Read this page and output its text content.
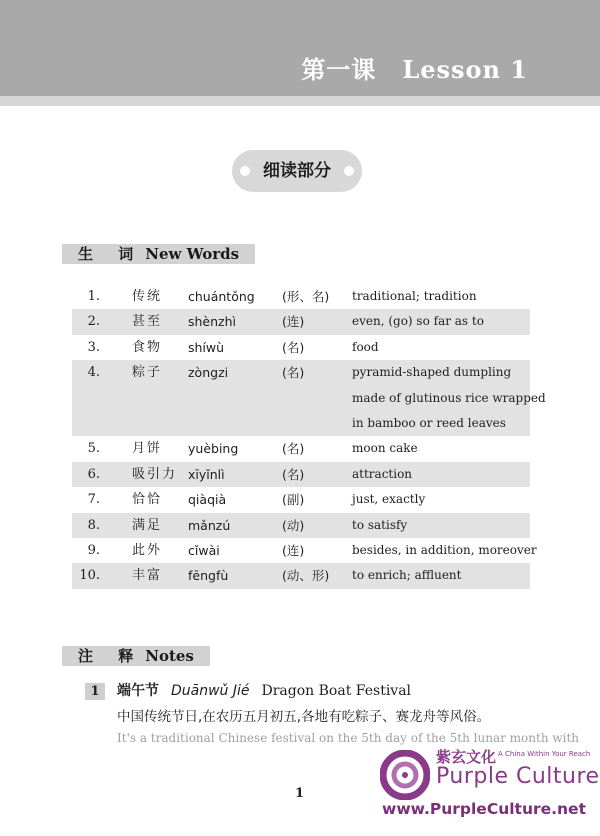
第一课 Lesson 1
细读部分
生 词 New Words
1. 传统 chuántǒng (形、名) traditional; tradition
2. 甚至 shènzhì	(连)	even, (go) so far as to
3. 食物 shíwù	(名)	food
4. 粽子 zòngzi	(名)	pyramid-shaped dumpling
made of glutinous rice wrapped
in bamboo or reed leaves
5. 月饼 yuèbing	(名)	moon cake
6. 吸引力 xīyǐnlì	(名)	attraction
7. 恰恰 qiàqià	(副)	just, exactly
8. 满足 mǎnzú	(动)	to satisfy
9. 此外 cǐwài	(连)	besides, in addition, moreover
10. 丰富 fēngfù	(动、形) to enrich; affluent
注 释 Notes
1	端午节 Duānwǔ Jié Dragon Boat Festival
中国传统节日,在农历五月初五,各地有吃粽子、赛龙舟等风俗。
It's a traditional Chinese festival on the 5th day of the 5th lunar month with
1
紫玄文化 A China Within Your Reach
Purple Culture
www.PurpleCulture.net
